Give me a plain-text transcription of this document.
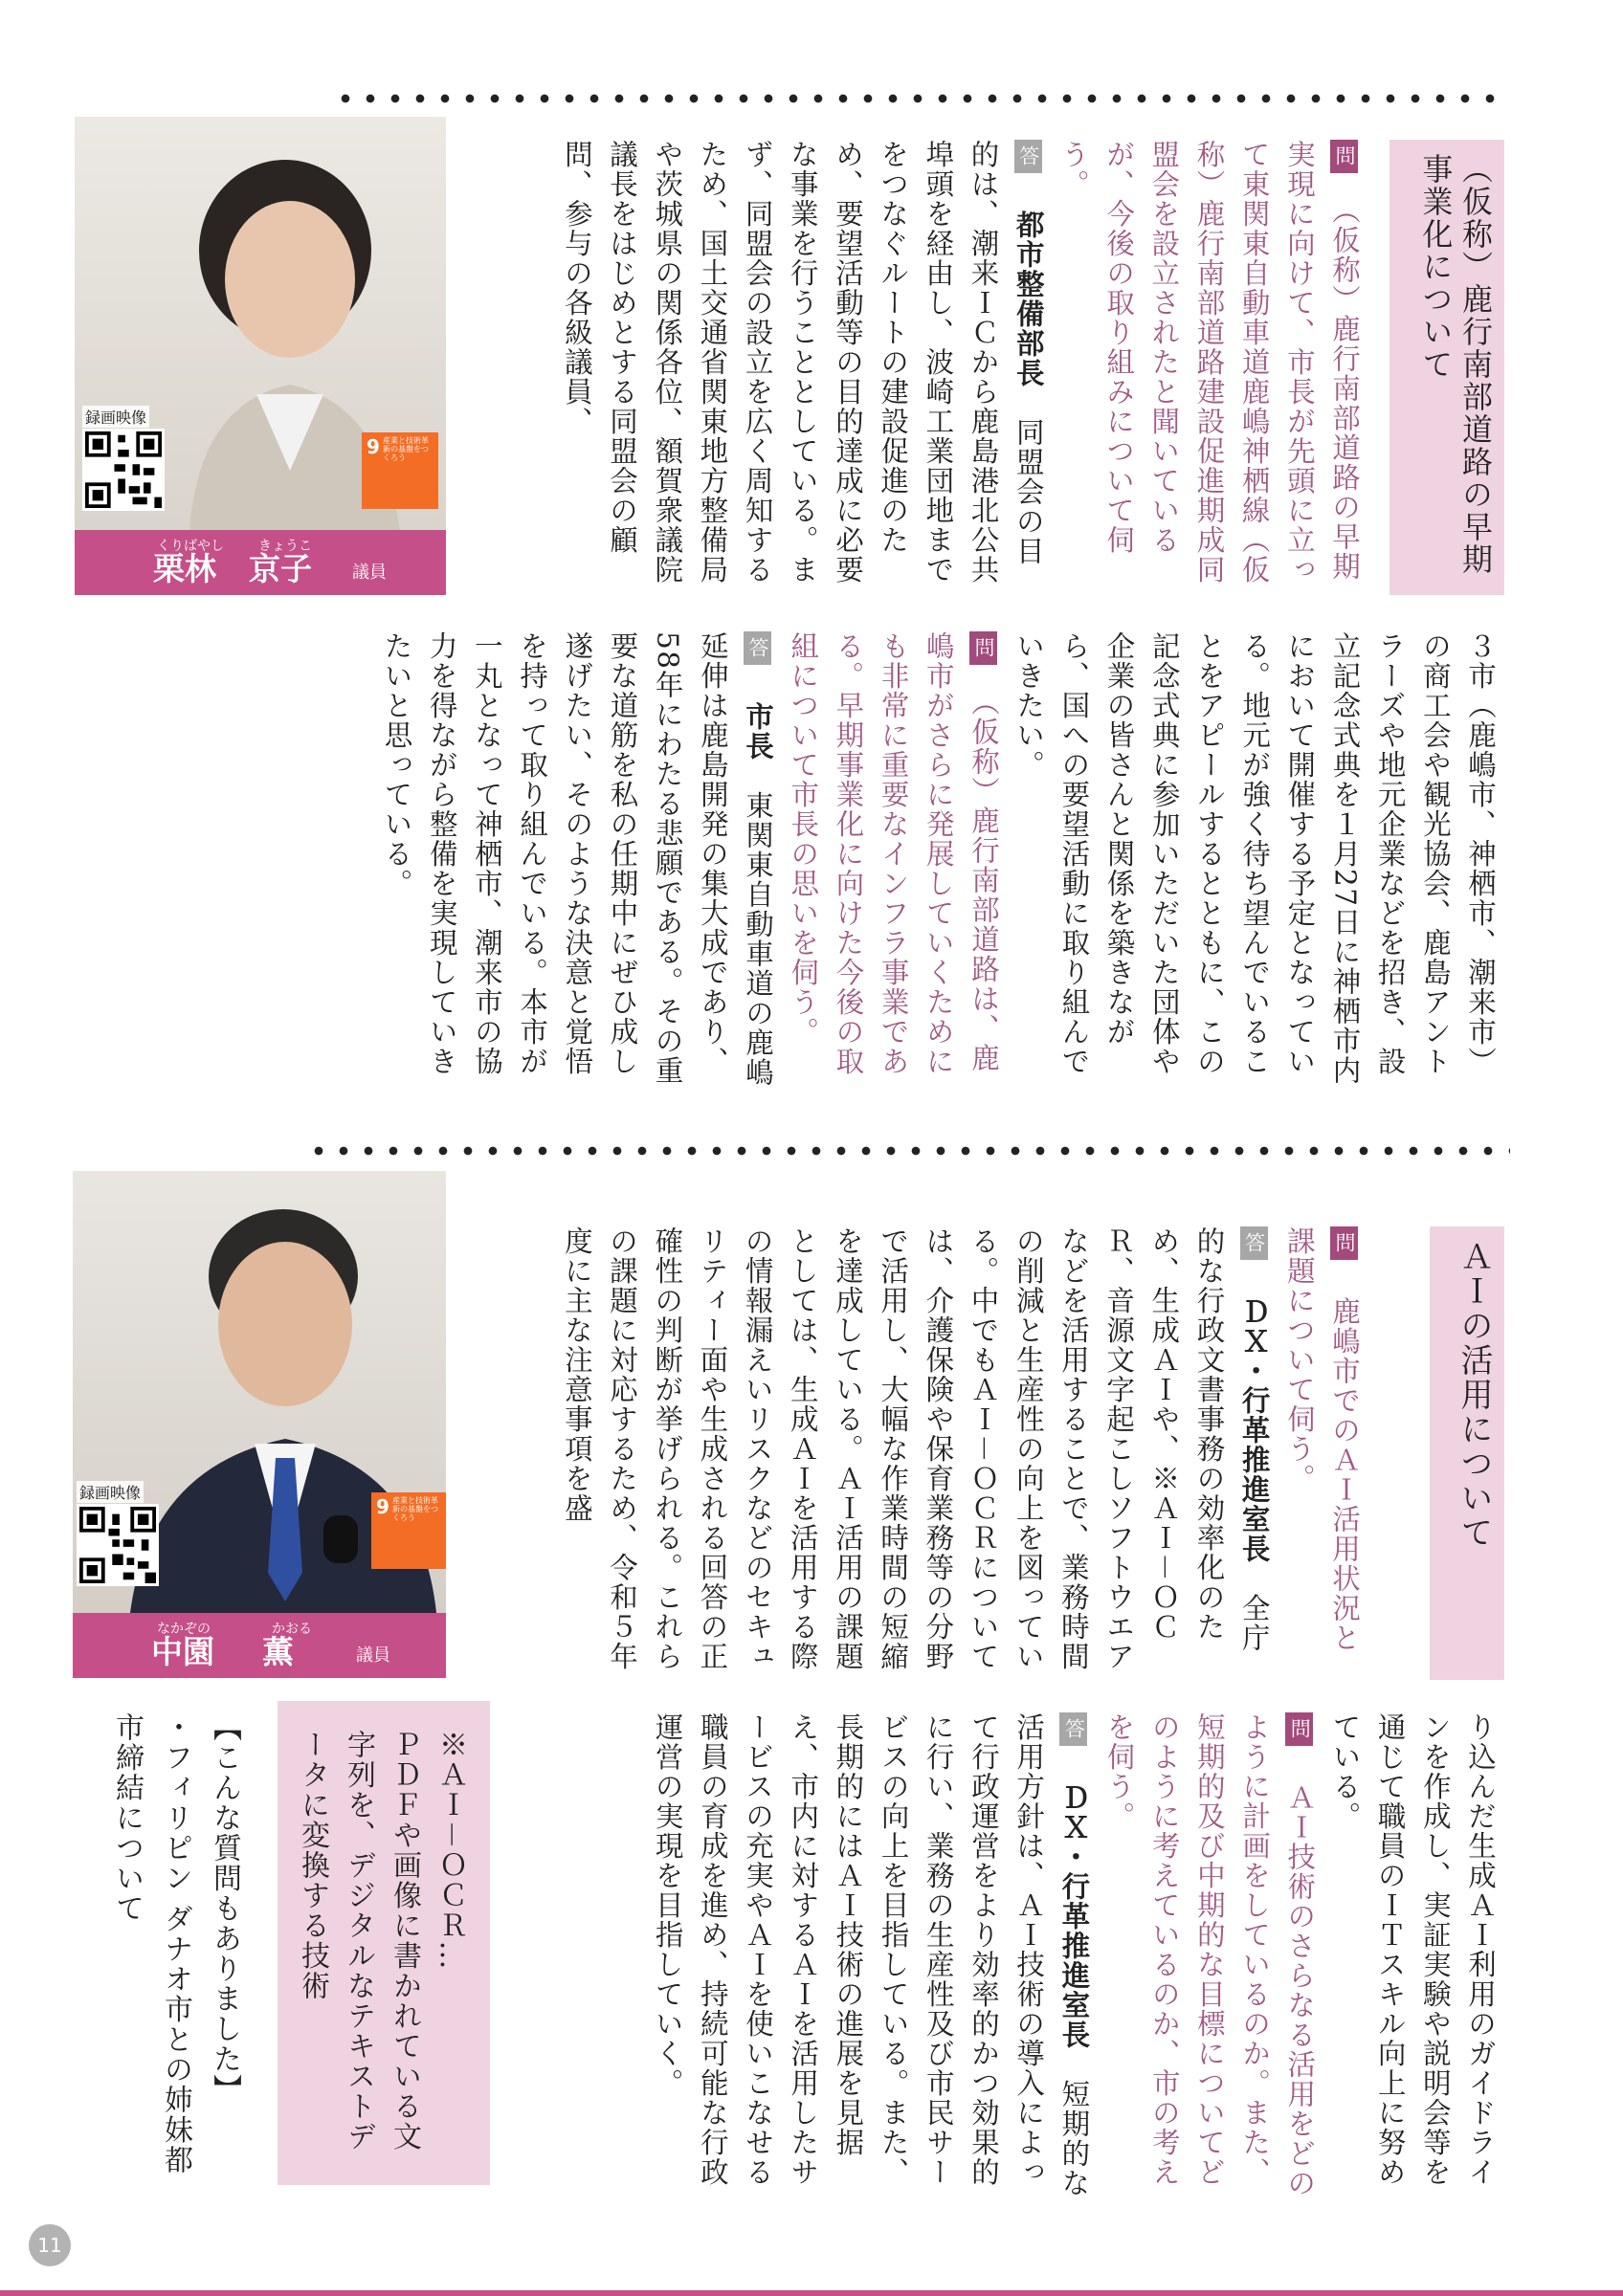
（仮称）鹿行南部道路の早期事業化について

問　（仮称）鹿行南部道路の早期実現に向けて、市長が先頭に立って東関東自動車道鹿嶋神栖線（仮称）鹿行南部道路建設促進期成同盟会を設立されたと聞いているが、今後の取り組みについて伺う。

答　都市整備部長　同盟会の目的は、潮来ＩＣから鹿島港北公共埠頭を経由し、波崎工業団地までをつなぐルートの建設促進のため、要望活動等の目的達成に必要な事業を行うこととしている。まず、同盟会の設立を広く周知するため、国土交通省関東地方整備局や茨城県の関係各位、額賀衆議院議長をはじめとする同盟会の顧問、参与の各級議員、

３市（鹿嶋市、神栖市、潮来市）の商工会や観光協会、鹿島アントラーズや地元企業などを招き、設立記念式典を１月27日に神栖市内において開催する予定となっている。地元が強く待ち望んでいることをアピールするとともに、この記念式典に参加いただいた団体や企業の皆さんと関係を築きながら、国への要望活動に取り組んでいきたい。

問　（仮称）鹿行南部道路は、鹿嶋市がさらに発展していくためにも非常に重要なインフラ事業である。早期事業化に向けた今後の取組について市長の思いを伺う。

答　市長　東関東自動車道の鹿嶋延伸は鹿島開発の集大成であり、58年にわたる悲願である。その重要な道筋を私の任期中にぜひ成し遂げたい、そのような決意と覚悟を持って取り組んでいる。本市が一丸となって神栖市、潮来市の協力を得ながら整備を実現していきたいと思っている。

録画映像
9 産業と技術革新の基盤をつくろう
くりばやし	きょうこ
栗林 京子 議員
ＡＩの活用について

問　鹿嶋市でのＡＩ活用状況と課題について伺う。

答　ＤＸ・行革推進室長　全庁的な行政文書事務の効率化のため、生成ＡＩや、※ＡＩ－ＯＣＲ、音源文字起こしソフトウエアなどを活用することで、業務時間の削減と生産性の向上を図っている。中でもＡＩ－ＯＣＲについては、介護保険や保育業務等の分野で活用し、大幅な作業時間の短縮を達成している。ＡＩ活用の課題としては、生成ＡＩを活用する際の情報漏えいリスクなどのセキュリティー面や生成される回答の正確性の判断が挙げられる。これらの課題に対応するため、令和５年度に主な注意事項を盛

り込んだ生成ＡＩ利用のガイドラインを作成し、実証実験や説明会等を通じて職員のＩＴスキル向上に努めている。

問　ＡＩ技術のさらなる活用をどのように計画をしているのか。また、短期的及び中期的な目標についてどのように考えているのか、市の考えを伺う。

答　ＤＸ・行革推進室長　短期的な活用方針は、ＡＩ技術の導入によって行政運営をより効率的かつ効果的に行い、業務の生産性及び市民サービスの向上を目指している。また、長期的にはＡＩ技術の進展を見据え、市内に対するＡＩを活用したサービスの充実やＡＩを使いこなせる職員の育成を進め、持続可能な行政運営の実現を目指していく。

録画映像
9 産業と技術革新の基盤をつくろう
なかぞの	かおる
中園 薫	議員

※ＡＩ－ＯＣＲ…

ＰＤＦや画像に書かれている文字列を、デジタルなテキストデータに変換する技術

【こんな質問もありました】

・フィリピン ダナオ市との姉妹都市締結について

11
